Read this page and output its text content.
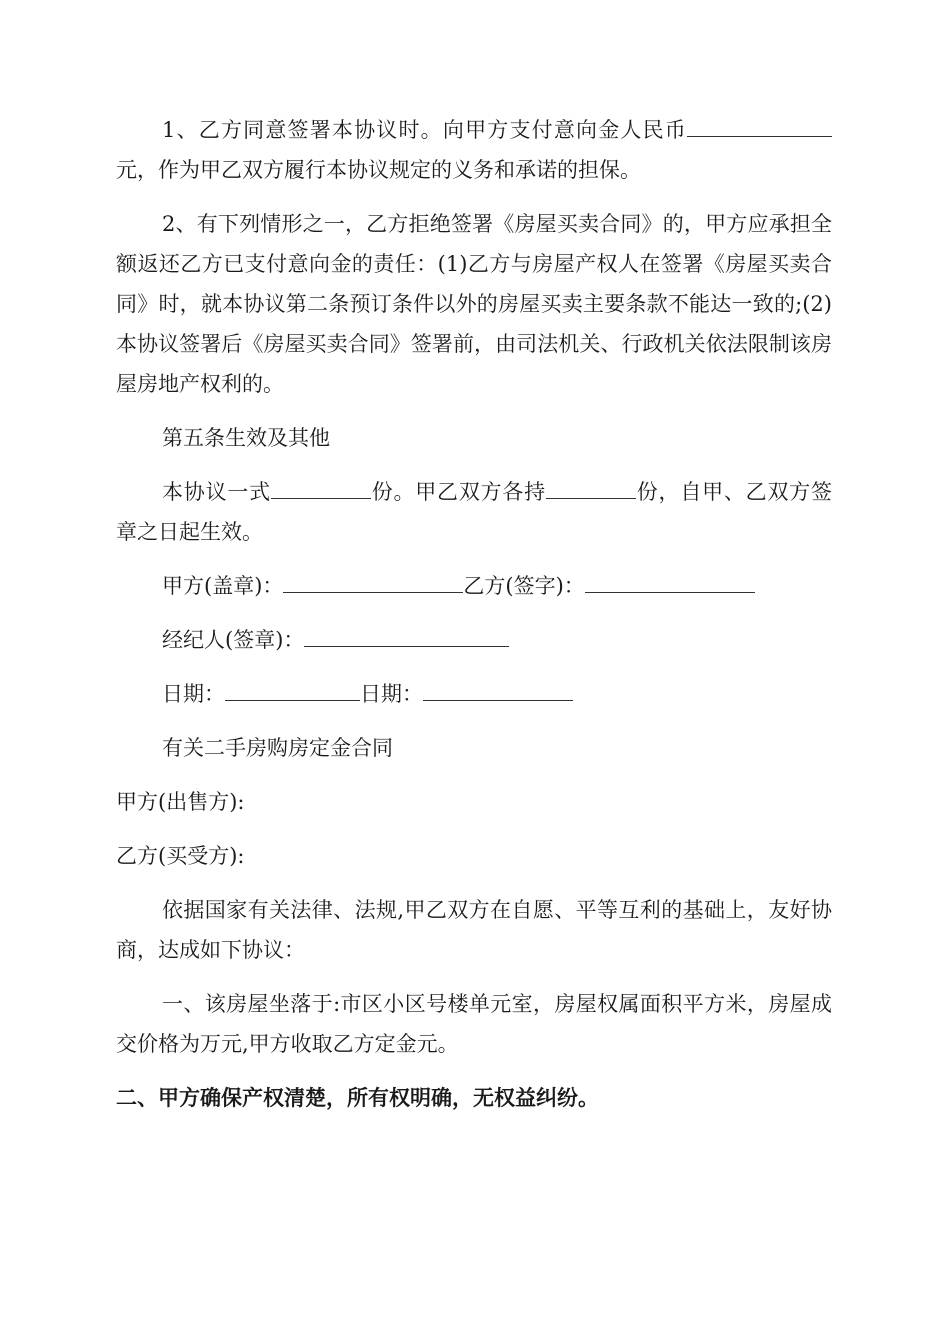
1、乙方同意签署本协议时。向甲方支付意向金人民币元，作为甲乙双方履行本协议规定的义务和承诺的担保。

2、有下列情形之一，乙方拒绝签署《房屋买卖合同》的，甲方应承担全额返还乙方已支付意向金的责任：(1)乙方与房屋产权人在签署《房屋买卖合同》时，就本协议第二条预订条件以外的房屋买卖主要条款不能达一致的;(2)本协议签署后《房屋买卖合同》签署前，由司法机关、行政机关依法限制该房屋房地产权利的。

第五条生效及其他

本协议一式	份。甲乙双方各持	份，自甲、乙双方签章之日起生效。

甲方(盖章)：	乙方(签字)：

经纪人(签章)：

日期：	日期：

有关二手房购房定金合同

甲方(出售方):

乙方(买受方):

依据国家有关法律、法规,甲乙双方在自愿、平等互利的基础上，友好协商，达成如下协议：

一、该房屋坐落于:市区小区号楼单元室，房屋权属面积平方米，房屋成交价格为万元,甲方收取乙方定金元。

二、甲方确保产权清楚，所有权明确，无权益纠纷。
